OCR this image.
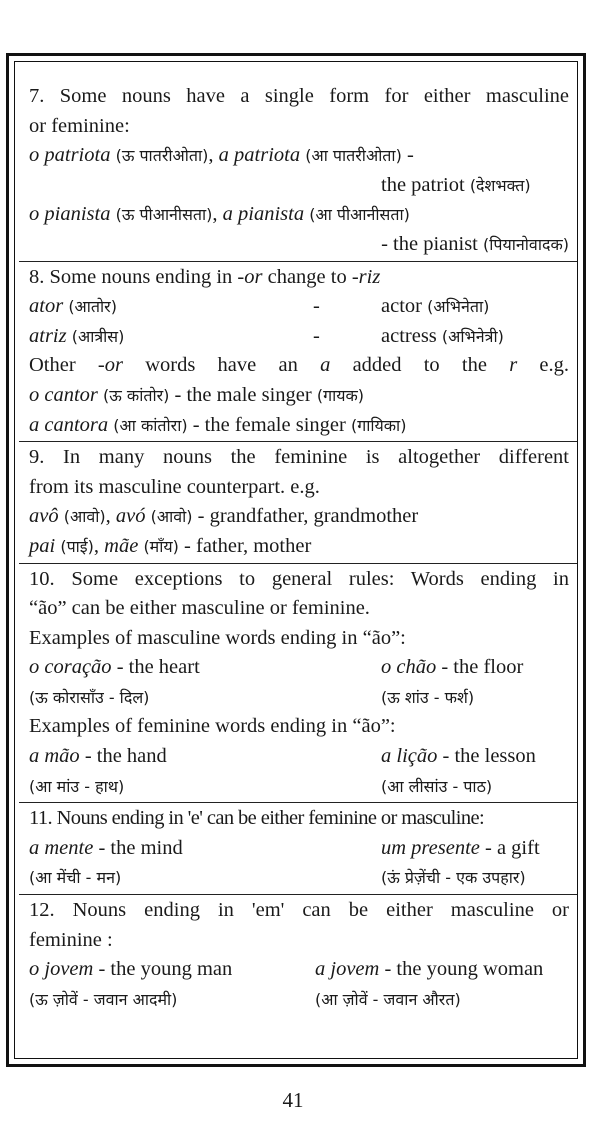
7. Some nouns have a single form for either masculine
or feminine:
o patriota (ऊ पातरीओता), a patriota (आ पातरीओता) -
the patriot (देशभक्त)
o pianista (ऊ पीआनीसता), a pianista (आ पीआनीसता)
- the pianist (पियानोवादक)
8. Some nouns ending in -or change to -riz
ator (आतोर)	-	actor (अभिनेता)
atriz (आत्रीस)	-	actress (अभिनेत्री)
Other -or words have an a added to the r e.g.
o cantor (ऊ कांतोर) - the male singer (गायक)
a cantora (आ कांतोरा) - the female singer (गायिका)
9. In many nouns the feminine is altogether different
from its masculine counterpart. e.g.
avô (आवो), avó (आवो) - grandfather, grandmother
pai (पाई), mãe (माँय) - father, mother
10. Some exceptions to general rules: Words ending in
“ão” can be either masculine or feminine.
Examples of masculine words ending in “ão”:
o coração - the heart	o chão - the floor
(ऊ कोरासाँउ - दिल)	(ऊ शांउ - फर्श)
Examples of feminine words ending in “ão”:
a mão - the hand	a lição - the lesson
(आ मांउ - हाथ)	(आ लीसांउ - पाठ)
11. Nouns ending in 'e' can be either feminine or masculine:
a mente - the mind	um presente - a gift
(आ मेंची - मन)	(ऊं प्रेज़ेंची - एक उपहार)
12. Nouns ending in 'em' can be either masculine or
feminine :
o jovem - the young man	a jovem - the young woman
(ऊ ज़ोवें - जवान आदमी)	(आ ज़ोवें - जवान औरत)
41
